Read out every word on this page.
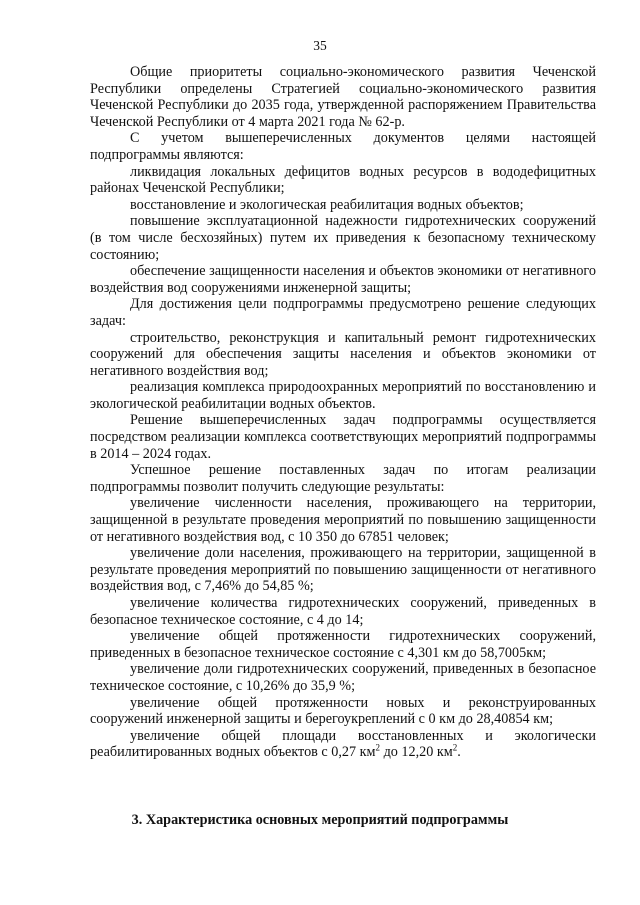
35

Общие приоритеты социально-экономического развития Чеченской Республики определены Стратегией социально-экономического развития Чеченской Республики до 2035 года, утвержденной распоряжением Правительства Чеченской Республики от 4 марта 2021 года № 62-р.

С учетом вышеперечисленных документов целями настоящей подпрограммы являются:

ликвидация локальных дефицитов водных ресурсов в вододефицитных районах Чеченской Республики;

восстановление и экологическая реабилитация водных объектов;

повышение эксплуатационной надежности гидротехнических сооружений (в том числе бесхозяйных) путем их приведения к безопасному техническому состоянию;

обеспечение защищенности населения и объектов экономики от негативного воздействия вод сооружениями инженерной защиты;

Для достижения цели подпрограммы предусмотрено решение следующих задач:

строительство, реконструкция и капитальный ремонт гидротехнических сооружений для обеспечения защиты населения и объектов экономики от негативного воздействия вод;

реализация комплекса природоохранных мероприятий по восстановлению и экологической реабилитации водных объектов.

Решение вышеперечисленных задач подпрограммы осуществляется посредством реализации комплекса соответствующих мероприятий подпрограммы в 2014 – 2024 годах.

Успешное решение поставленных задач по итогам реализации подпрограммы позволит получить следующие результаты:

увеличение численности населения, проживающего на территории, защищенной в результате проведения мероприятий по повышению защищенности от негативного воздействия вод, с 10 350 до 67851 человек;

увеличение доли населения, проживающего на территории, защищенной в результате проведения мероприятий по повышению защищенности от негативного воздействия вод, с 7,46% до 54,85 %;

увеличение количества гидротехнических сооружений, приведенных в безопасное техническое состояние, с 4 до 14;

увеличение общей протяженности гидротехнических сооружений, приведенных в безопасное техническое состояние с 4,301 км до 58,7005км;

увеличение доли гидротехнических сооружений, приведенных в безопасное техническое состояние, с 10,26% до 35,9 %;

увеличение общей протяженности новых и реконструированных сооружений инженерной защиты и берегоукреплений с 0 км до 28,40854 км;

увеличение общей площади восстановленных и экологически реабилитированных водных объектов с 0,27 $км^2$ до 12,20 $км^2$.

3. Характеристика основных мероприятий подпрограммы
